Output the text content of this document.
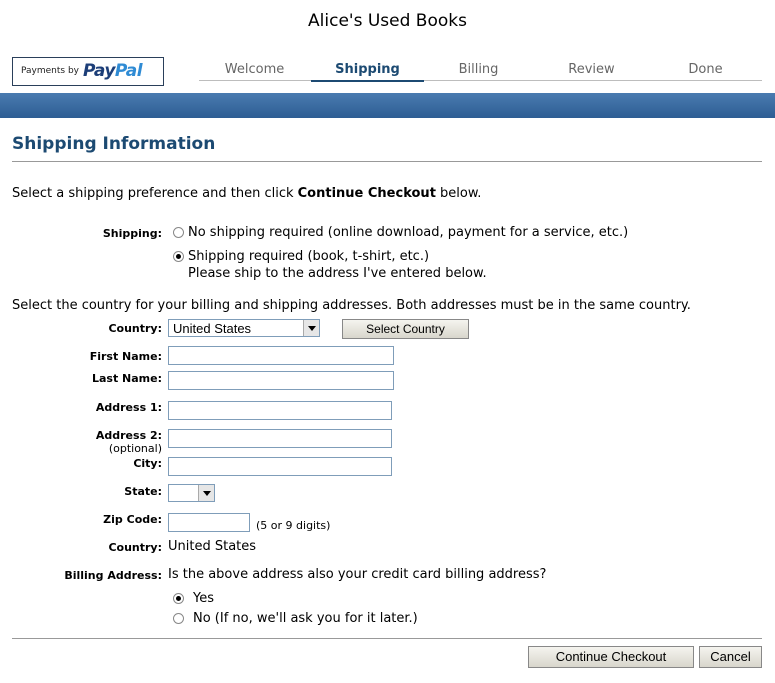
Alice's Used Books
Payments by PayPal	Welcome	Shipping	Billing	Review	Done
Shipping Information
Select a shipping preference and then click Continue Checkout below.
Shipping: No shipping required (online download, payment for a service, etc.)
Shipping required (book, t-shirt, etc.)
Please ship to the address I've entered below.
Select the country for your billing and shipping addresses. Both addresses must be in the same country.
Country: United States	Select Country
First Name:
Last Name:
Address 1:
Address 2:
(optional)
City:
State:
Zip Code:	(5 or 9 digits)
Country: United States
Billing Address: Is the above address also your credit card billing address?
Yes
No (If no, we'll ask you for it later.)
Continue Checkout	Cancel
